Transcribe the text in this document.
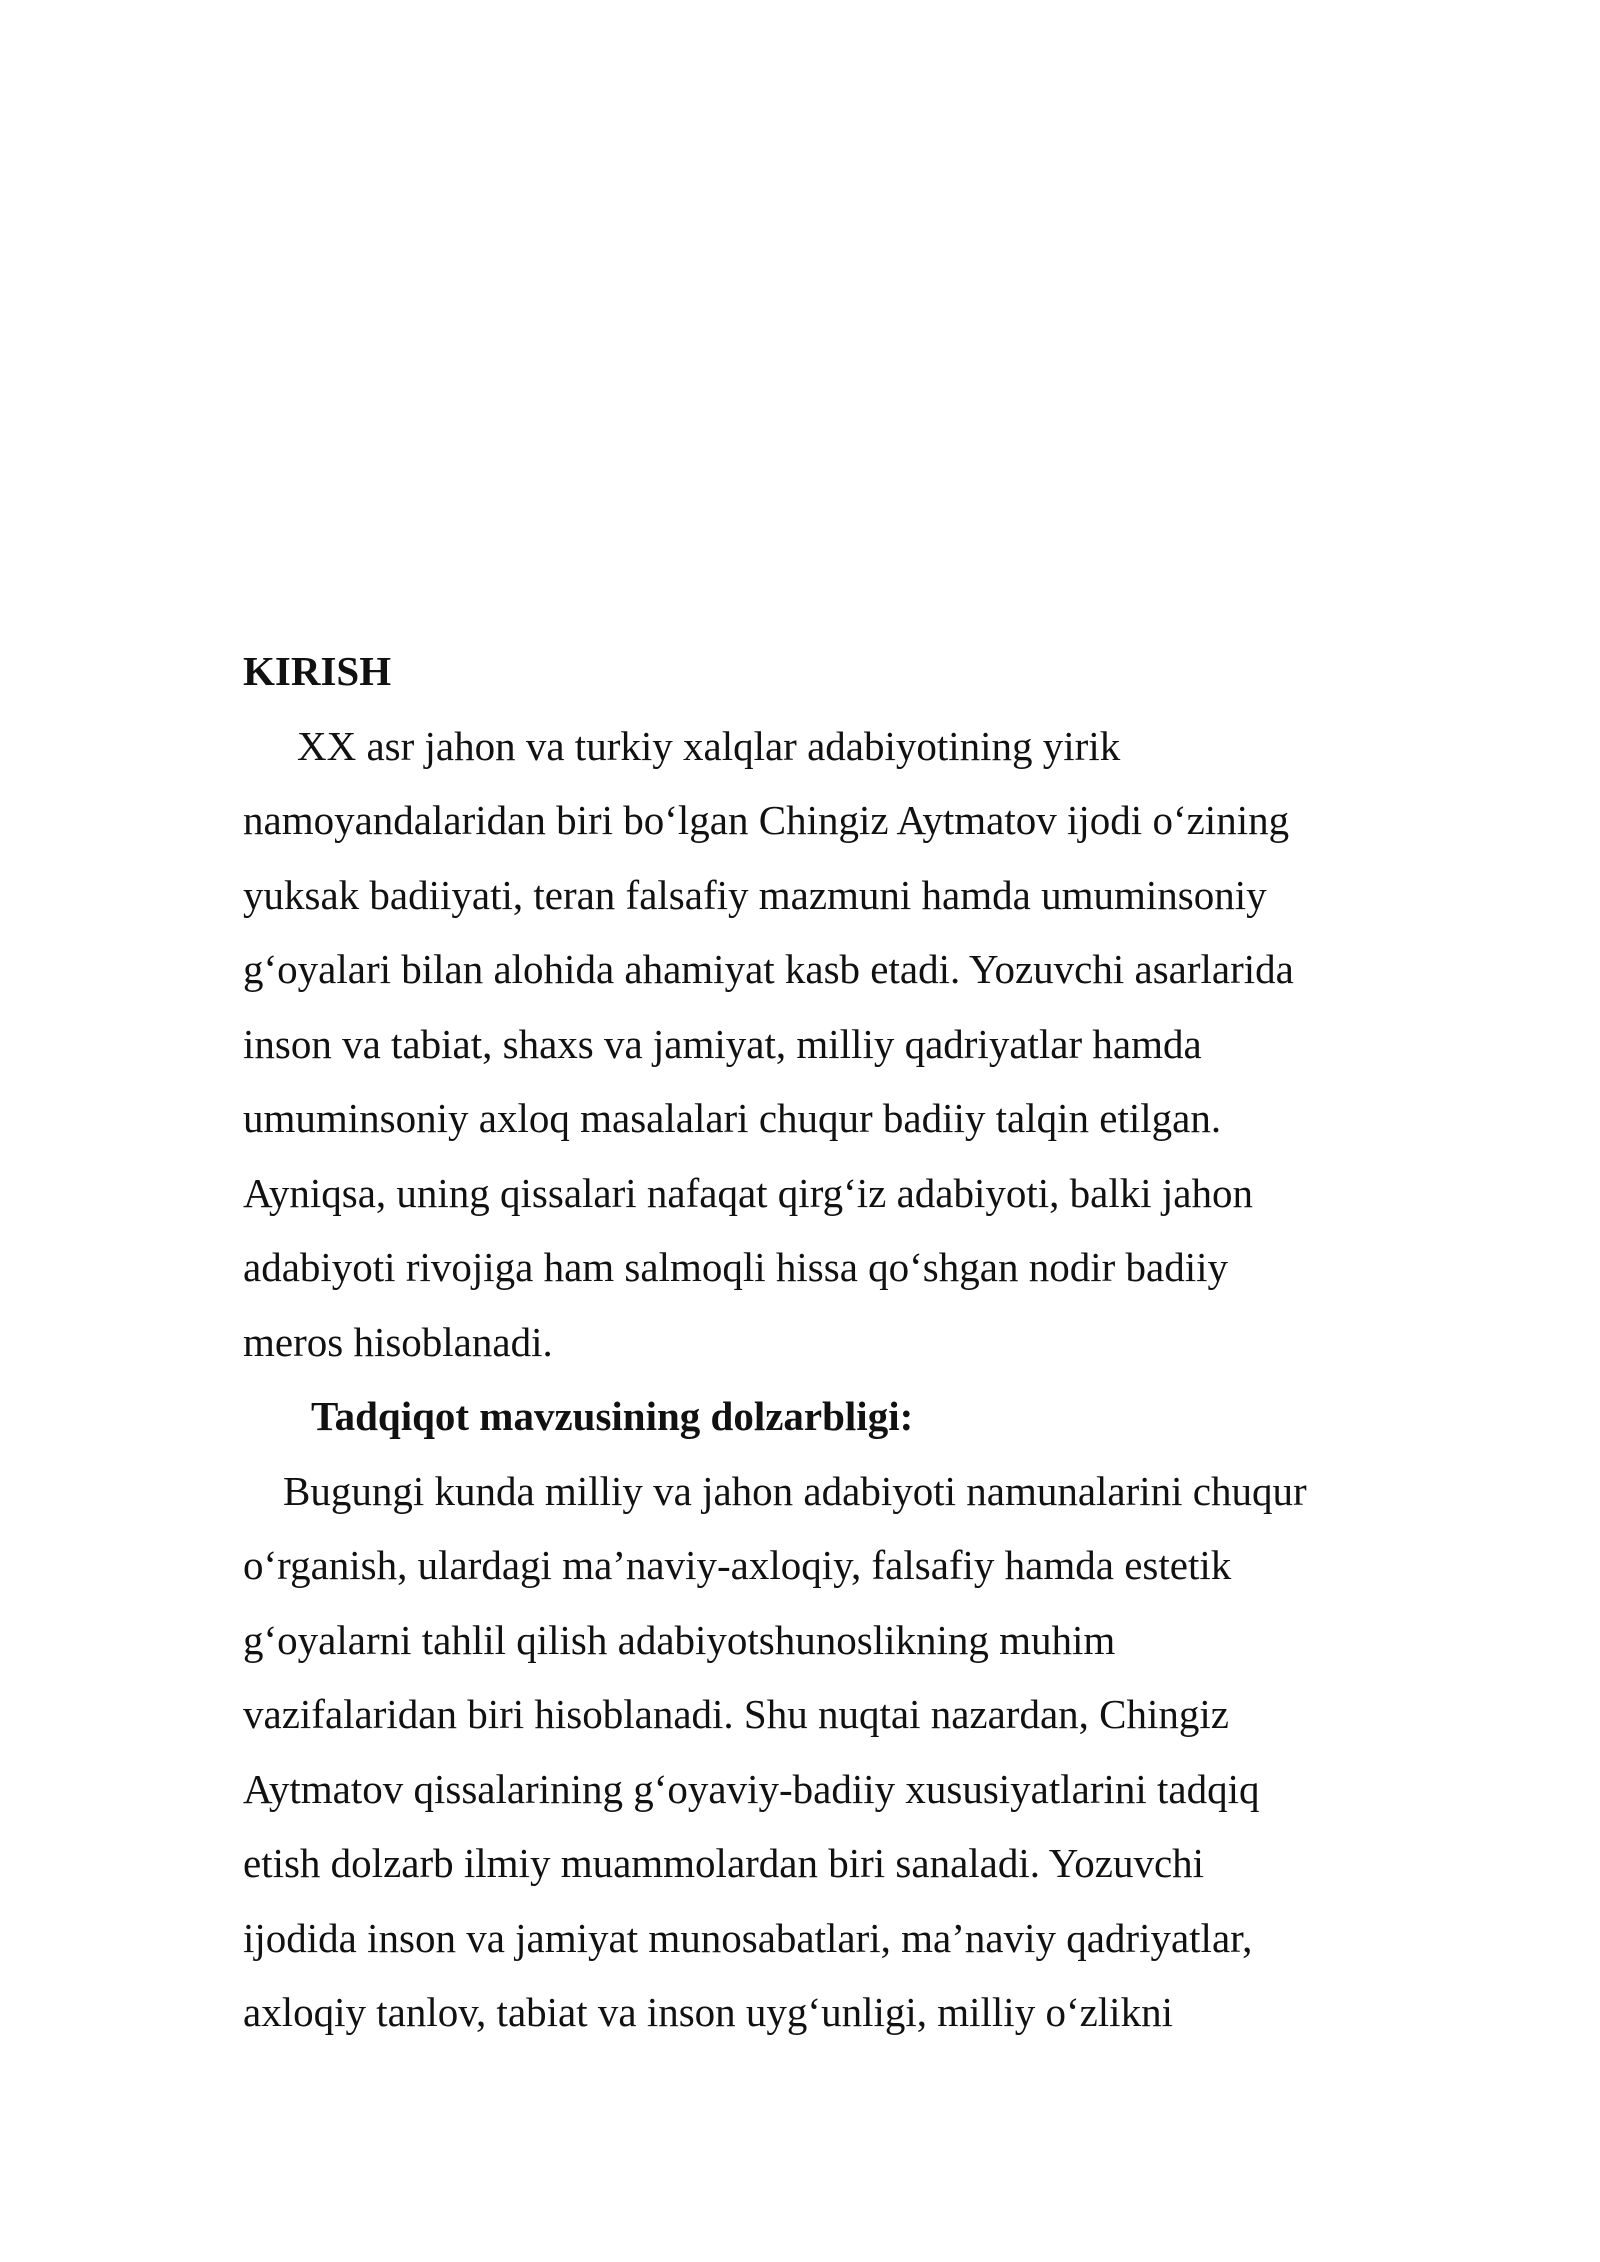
KIRISH
XX asr jahon va turkiy xalqlar adabiyotining yirik
namoyandalaridan biri bo‘lgan Chingiz Aytmatov ijodi o‘zining
yuksak badiiyati, teran falsafiy mazmuni hamda umuminsoniy
g‘oyalari bilan alohida ahamiyat kasb etadi. Yozuvchi asarlarida
inson va tabiat, shaxs va jamiyat, milliy qadriyatlar hamda
umuminsoniy axloq masalalari chuqur badiiy talqin etilgan.
Ayniqsa, uning qissalari nafaqat qirg‘iz adabiyoti, balki jahon
adabiyoti rivojiga ham salmoqli hissa qo‘shgan nodir badiiy
meros hisoblanadi.
Tadqiqot mavzusining dolzarbligi:
Bugungi kunda milliy va jahon adabiyoti namunalarini chuqur
o‘rganish, ulardagi ma’naviy-axloqiy, falsafiy hamda estetik
g‘oyalarni tahlil qilish adabiyotshunoslikning muhim
vazifalaridan biri hisoblanadi. Shu nuqtai nazardan, Chingiz
Aytmatov qissalarining g‘oyaviy-badiiy xususiyatlarini tadqiq
etish dolzarb ilmiy muammolardan biri sanaladi. Yozuvchi
ijodida inson va jamiyat munosabatlari, ma’naviy qadriyatlar,
axloqiy tanlov, tabiat va inson uyg‘unligi, milliy o‘zlikni
